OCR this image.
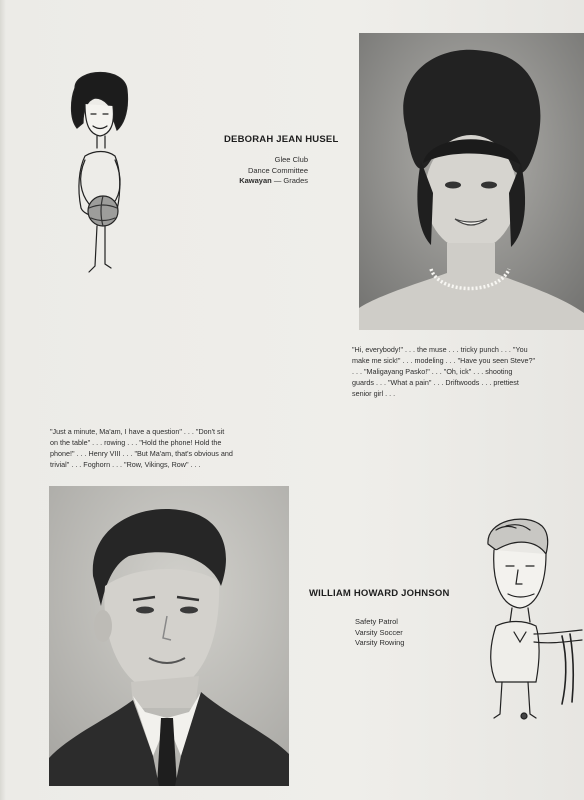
DEBORAH JEAN HUSEL
Glee Club
Dance Committee
Kawayan — Grades
"Hi, everybody!" . . . the muse . . . tricky punch . . . "You
make me sick!" . . . modeling . . . "Have you seen Steve?"
. . . "Maligayang Pasko!" . . . "Oh, ick" . . . shooting
guards . . . "What a pain" . . . Driftwoods . . . prettiest
senior girl . . .
"Just a minute, Ma'am, I have a question" . . . "Don't sit
on the table" . . . rowing . . . "Hold the phone! Hold the
phone!" . . . Henry VIII . . . "But Ma'am, that's obvious and
trivial" . . . Foghorn . . . "Row, Vikings, Row" . . .
WILLIAM HOWARD JOHNSON
Safety Patrol
Varsity Soccer
Varsity Rowing
